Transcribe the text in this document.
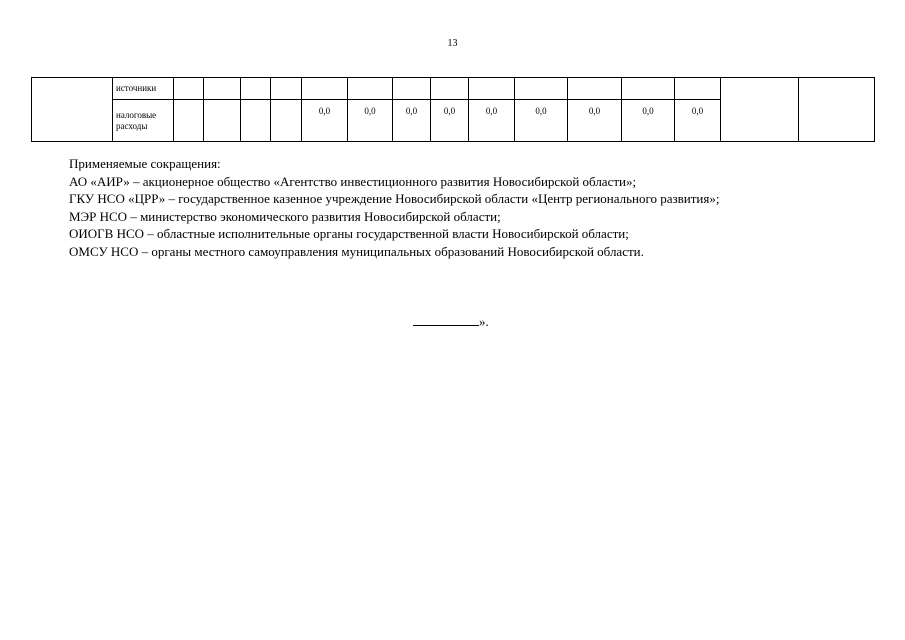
13
	источники															
	налоговые расходы					0,0	0,0	0,0	0,0	0,0	0,0	0,0	0,0	0,0		
Применяемые сокращения:
АО «АИР» – акционерное общество «Агентство инвестиционного развития Новосибирской области»;
ГКУ НСО «ЦРР» – государственное казенное учреждение Новосибирской области «Центр регионального развития»;
МЭР НСО – министерство экономического развития Новосибирской области;
ОИОГВ НСО – областные исполнительные органы государственной власти Новосибирской области;
ОМСУ НСО – органы местного самоуправления муниципальных образований Новосибирской области.
».
